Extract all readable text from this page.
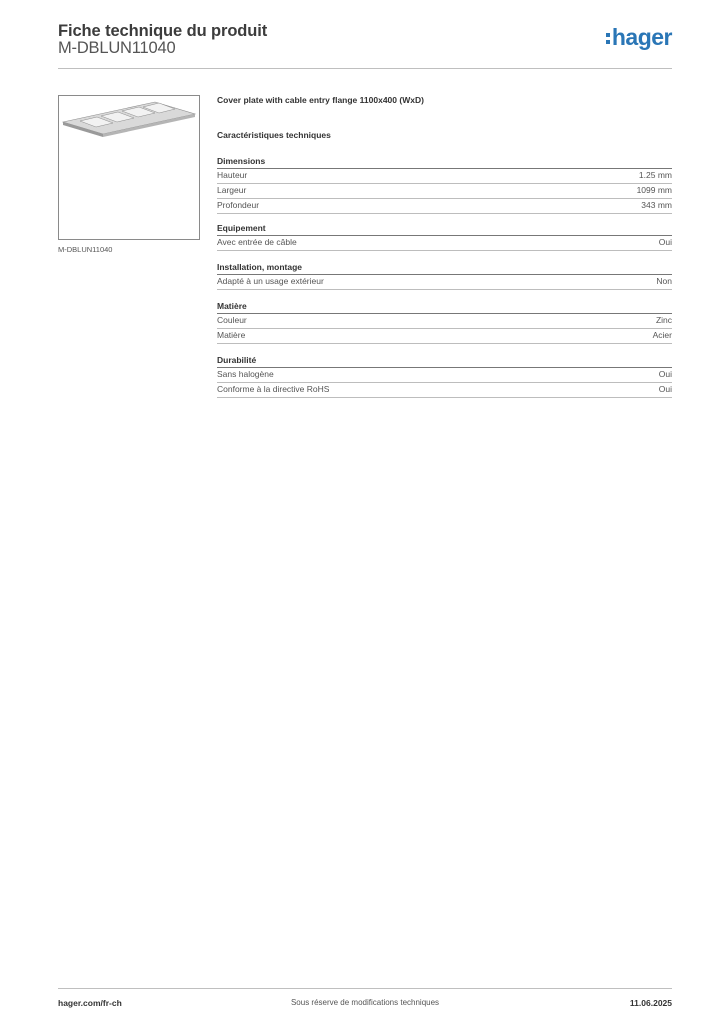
Fiche technique du produit
M-DBLUN11040	hager
M-DBLUN11040
Cover plate with cable entry flange 1100x400 (WxD)
Caractéristiques techniques
Dimensions
Hauteur	1.25 mm
Largeur	1099 mm
Profondeur	343 mm
Equipement
Avec entrée de câble	Oui
Installation, montage
Adapté à un usage extérieur	Non
Matière
Couleur	Zinc
Matière	Acier
Durabilité
Sans halogène	Oui
Conforme à la directive RoHS	Oui
Sous réserve de modifications techniques
hager.com/fr-ch	11.06.2025
